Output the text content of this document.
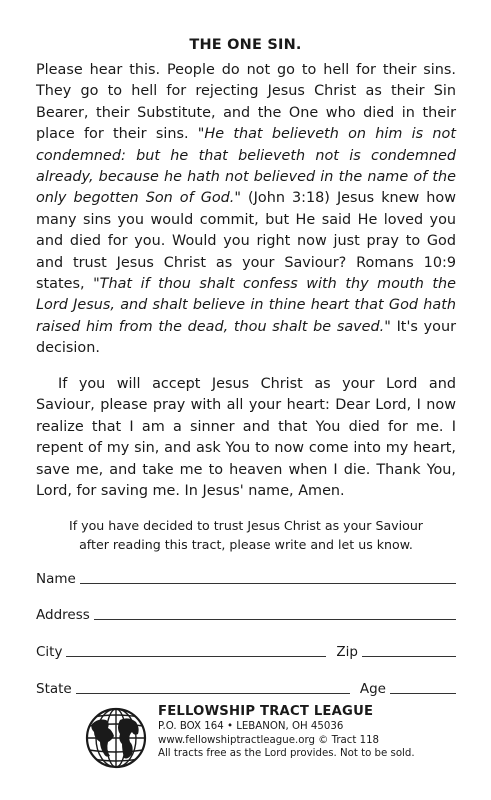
THE ONE SIN.

Please hear this. People do not go to hell for their sins. They go to hell for rejecting Jesus Christ as their Sin Bearer, their Substitute, and the One who died in their place for their sins. "He that believeth on him is not condemned: but he that believeth not is condemned already, because he hath not believed in the name of the only begotten Son of God." (John 3:18) Jesus knew how many sins you would commit, but He said He loved you and died for you. Would you right now just pray to God and trust Jesus Christ as your Saviour? Romans 10:9 states, "That if thou shalt confess with thy mouth the Lord Jesus, and shalt believe in thine heart that God hath raised him from the dead, thou shalt be saved." It's your decision.

If you will accept Jesus Christ as your Lord and Saviour, please pray with all your heart: Dear Lord, I now realize that I am a sinner and that You died for me. I repent of my sin, and ask You to now come into my heart, save me, and take me to heaven when I die. Thank You, Lord, for saving me. In Jesus' name, Amen.

If you have decided to trust Jesus Christ as your Saviour
after reading this tract, please write and let us know.
Name
Address
City	Zip
State	Age
FELLOWSHIP TRACT LEAGUE
P.O. BOX 164 • LEBANON, OH 45036
www.fellowshiptractleague.org © Tract 118
All tracts free as the Lord provides. Not to be sold.
